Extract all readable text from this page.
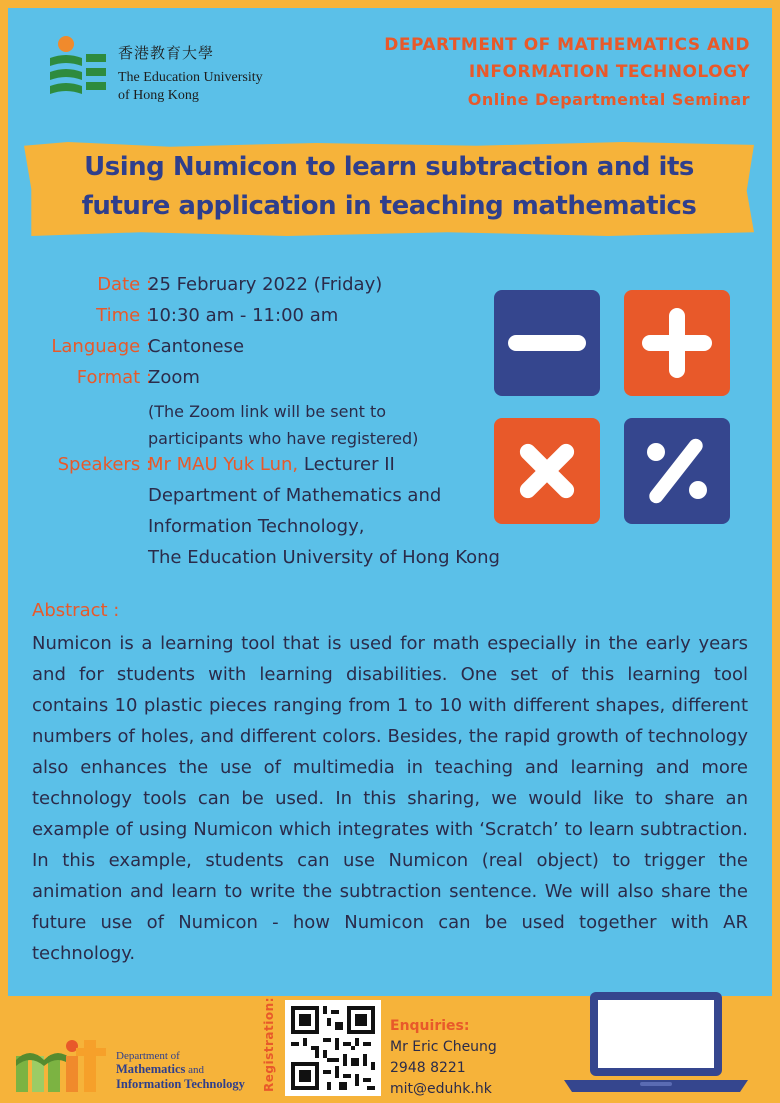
香港教育大學
The Education University
of Hong Kong
DEPARTMENT OF MATHEMATICS AND
INFORMATION TECHNOLOGY
Online Departmental Seminar
Using Numicon to learn subtraction and its
future application in teaching mathematics
Date :
25 February 2022 (Friday)
Time :
10:30 am - 11:00 am
Language :
Cantonese
Format :
Zoom
(The Zoom link will be sent to
participants who have registered)
Speakers :
Mr MAU Yuk Lun, Lecturer II
Department of Mathematics and
Information Technology,
The Education University of Hong Kong
Abstract :
Numicon is a learning tool that is used for math especially in the early years and for students with learning disabilities. One set of this learning tool contains 10 plastic pieces ranging from 1 to 10 with different shapes, different numbers of holes, and different colors. Besides, the rapid growth of technology also enhances the use of multimedia in teaching and learning and more technology tools can be used. In this sharing, we would like to share an example of using Numicon which integrates with ‘Scratch’ to learn subtraction. In this example, students can use Numicon (real object) to trigger the animation and learn to write the subtraction sentence. We will also share the future use of Numicon - how Numicon can be used together with AR technology.
Department of
Mathematics and
Information Technology Registration:	Enquiries:
Mr Eric Cheung
2948 8221
mit@eduhk.hk
